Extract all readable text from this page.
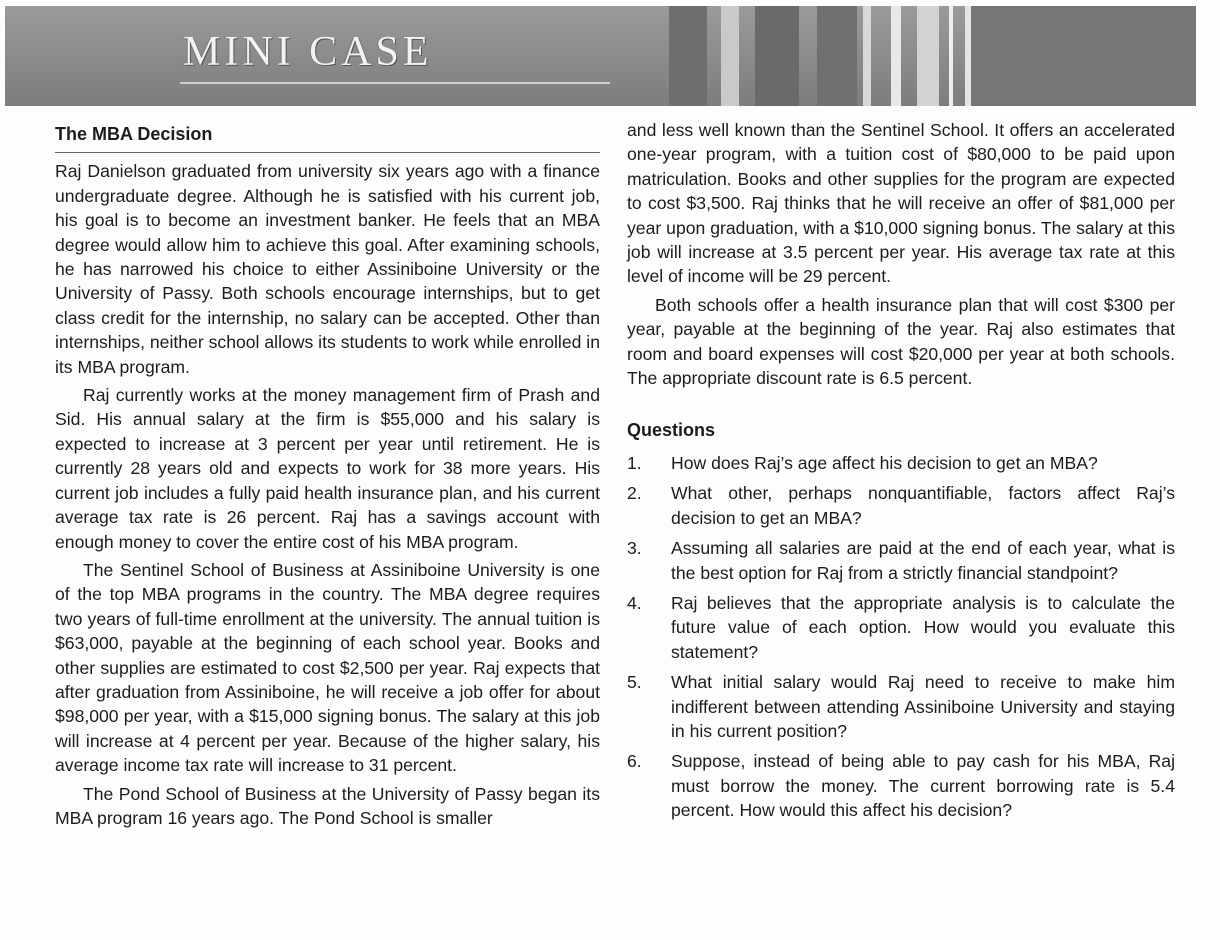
MINI CASE
The MBA Decision

Raj Danielson graduated from university six years ago with a finance undergraduate degree. Although he is satisfied with his current job, his goal is to become an investment banker. He feels that an MBA degree would allow him to achieve this goal. After examining schools, he has narrowed his choice to either Assiniboine University or the University of Passy. Both schools encourage internships, but to get class credit for the internship, no salary can be accepted. Other than internships, neither school allows its students to work while enrolled in its MBA program.

Raj currently works at the money management firm of Prash and Sid. His annual salary at the firm is $55,000 and his salary is expected to increase at 3 percent per year until retirement. He is currently 28 years old and expects to work for 38 more years. His current job includes a fully paid health insurance plan, and his current average tax rate is 26 percent. Raj has a savings account with enough money to cover the entire cost of his MBA program.

The Sentinel School of Business at Assiniboine University is one of the top MBA programs in the country. The MBA degree requires two years of full-time enrollment at the university. The annual tuition is $63,000, payable at the beginning of each school year. Books and other supplies are estimated to cost $2,500 per year. Raj expects that after graduation from Assiniboine, he will receive a job offer for about $98,000 per year, with a $15,000 signing bonus. The salary at this job will increase at 4 percent per year. Because of the higher salary, his average income tax rate will increase to 31 percent.

The Pond School of Business at the University of Passy began its MBA program 16 years ago. The Pond School is smaller

and less well known than the Sentinel School. It offers an accelerated one-year program, with a tuition cost of $80,000 to be paid upon matriculation. Books and other supplies for the program are expected to cost $3,500. Raj thinks that he will receive an offer of $81,000 per year upon graduation, with a $10,000 signing bonus. The salary at this job will increase at 3.5 percent per year. His average tax rate at this level of income will be 29 percent.

Both schools offer a health insurance plan that will cost $300 per year, payable at the beginning of the year. Raj also estimates that room and board expenses will cost $20,000 per year at both schools. The appropriate discount rate is 6.5 percent.

Questions
1.	How does Raj’s age affect his decision to get an MBA?
2.	What other, perhaps nonquantifiable, factors affect Raj’s decision to get an MBA?
3.	Assuming all salaries are paid at the end of each year, what is the best option for Raj from a strictly financial standpoint?
4.	Raj believes that the appropriate analysis is to calculate the future value of each option. How would you evaluate this statement?
5.	What initial salary would Raj need to receive to make him indifferent between attending Assiniboine University and staying in his current position?
6.	Suppose, instead of being able to pay cash for his MBA, Raj must borrow the money. The current borrowing rate is 5.4 percent. How would this affect his decision?
